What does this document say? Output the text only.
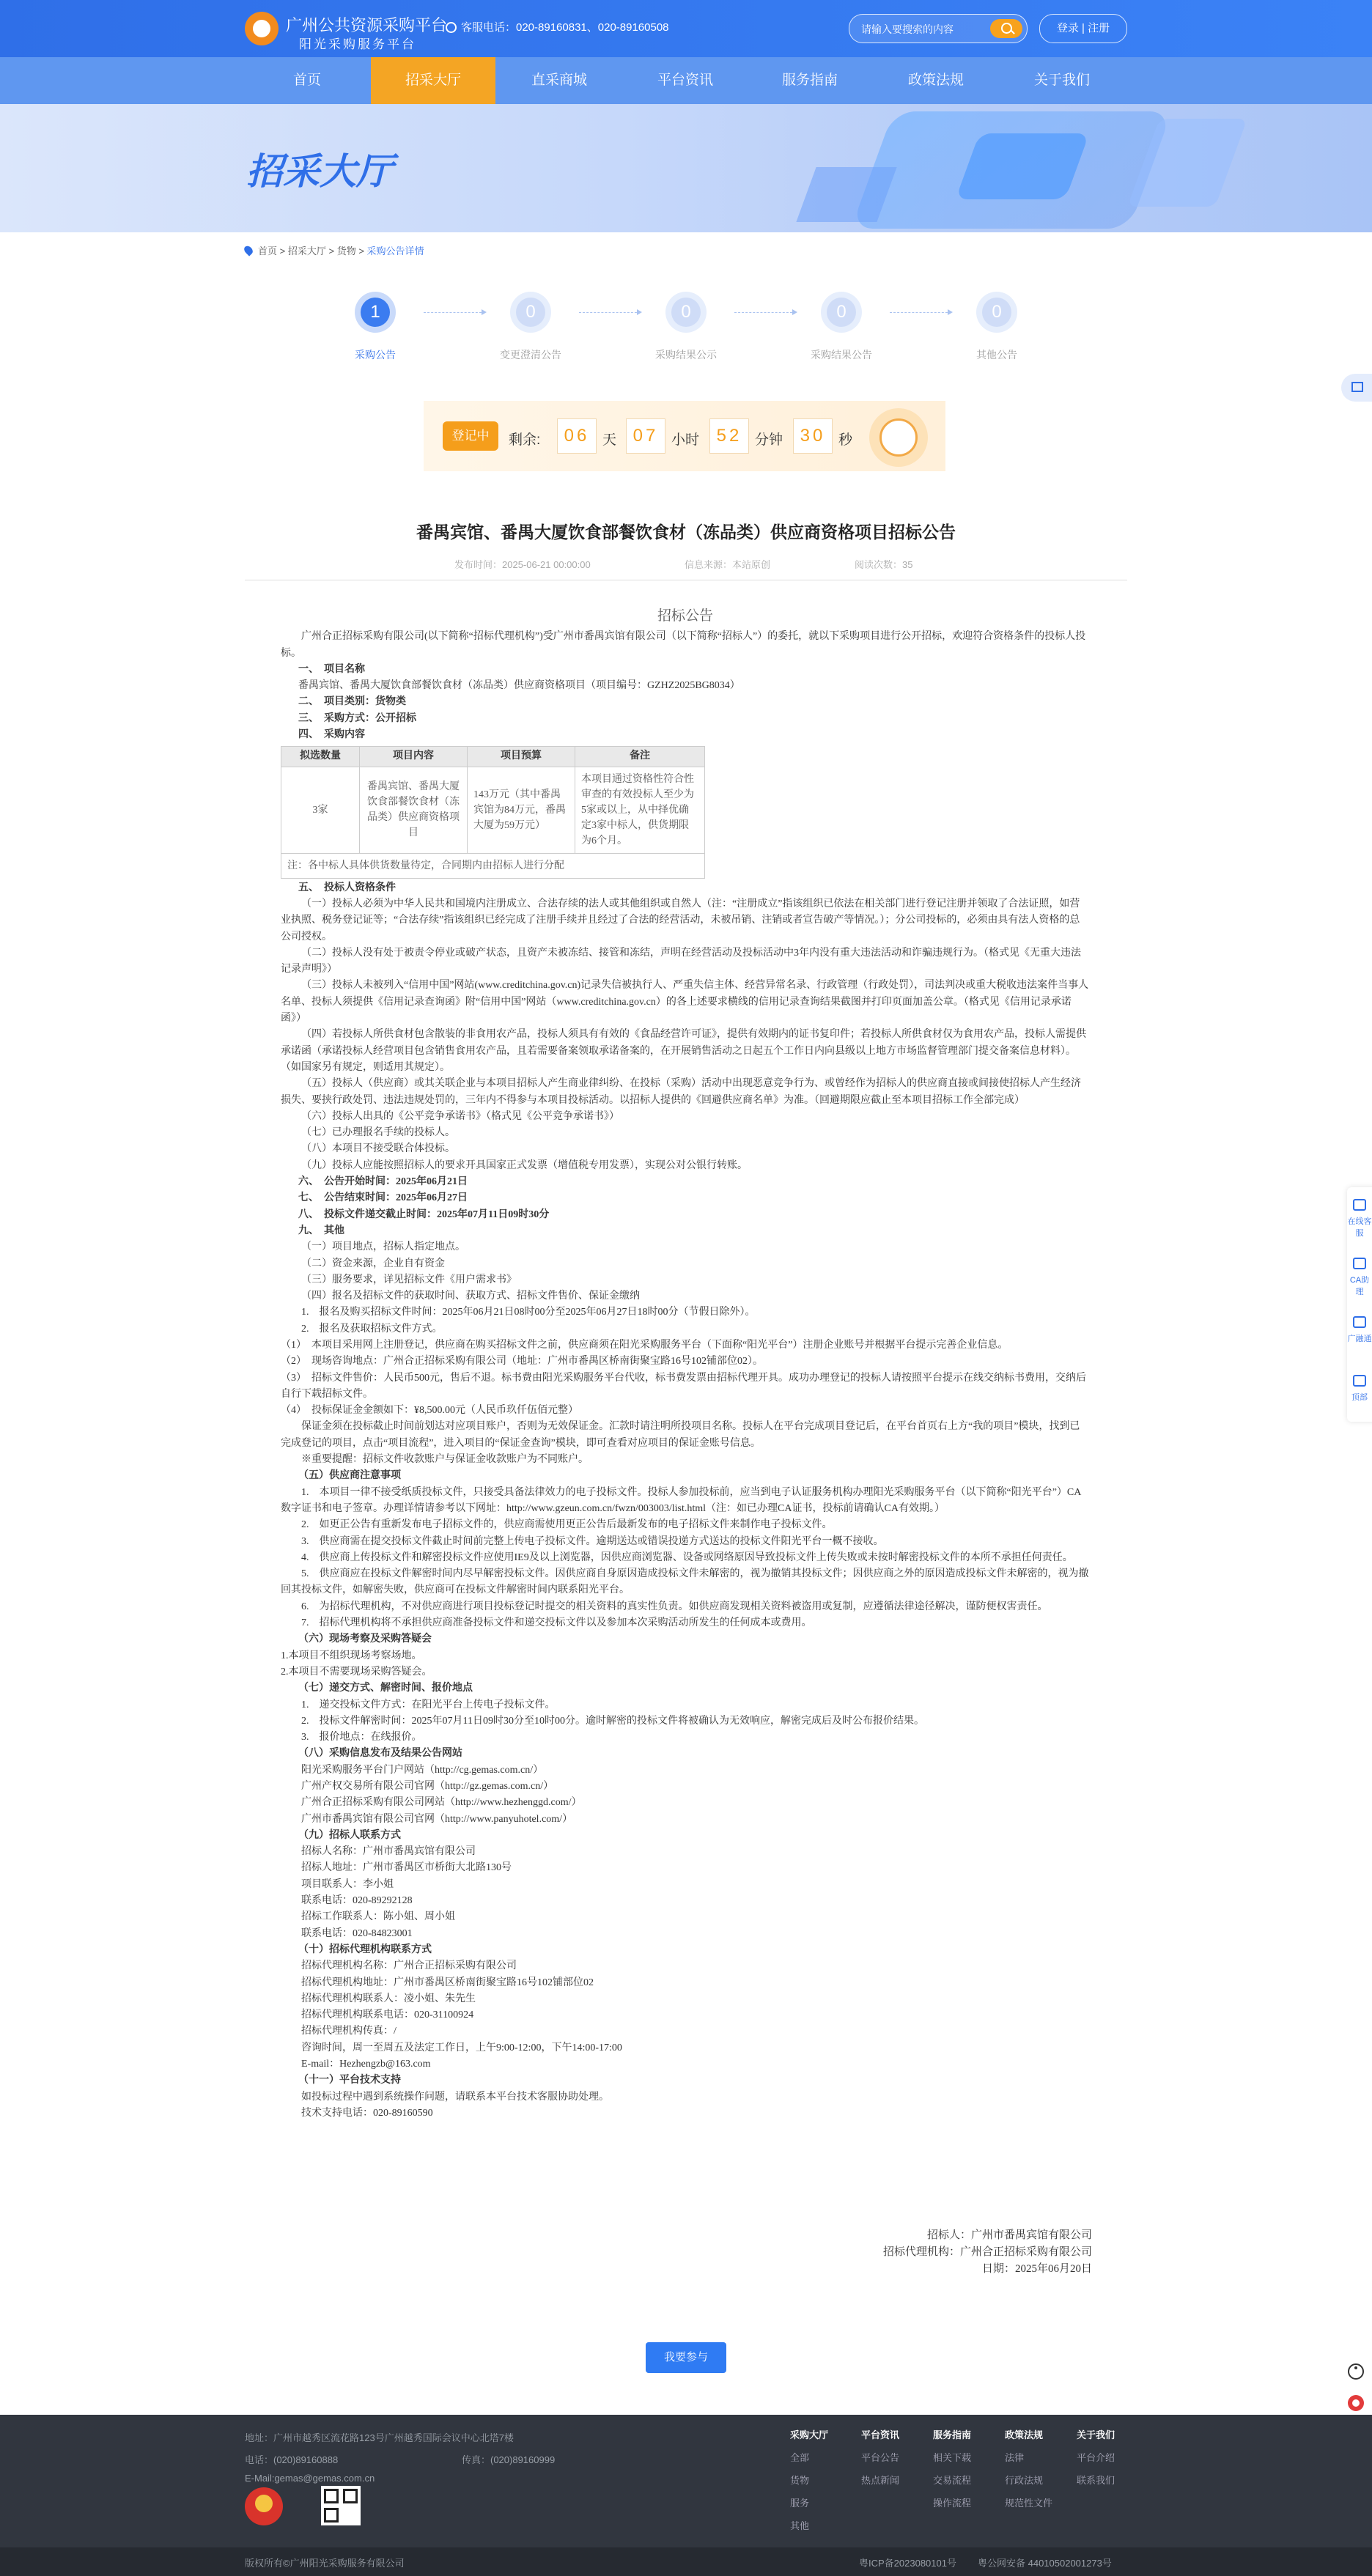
广州公共资源采购平台
阳光采购服务平台
客服电话：020-89160831、020-89160508	请输入要搜索的内容	登录 | 注册
首页	招采大厅	直采商城	平台资讯	服务指南	政策法规	关于我们
招采大厅
首页 > 招采大厅 > 货物 > 采购公告详情
1
采购公告
0
变更澄清公告
0
采购结果公示
0
采购结果公告
0
其他公告
登记中	剩余:	06 天 07 小时 52 分钟 30 秒
番禺宾馆、番禺大厦饮食部餐饮食材（冻品类）供应商资格项目招标公告
发布时间：2025-06-21 00:00:00	信息来源：本站原创	阅读次数：35

招标公告

广州合正招标采购有限公司(以下简称“招标代理机构”)受广州市番禺宾馆有限公司（以下简称“招标人”）的委托，就以下采购项目进行公开招标，欢迎符合资格条件的投标人投标。

一、　项目名称

番禺宾馆、番禺大厦饮食部餐饮食材（冻品类）供应商资格项目（项目编号：GZHZ2025BG8034）

二、　项目类别：货物类

三、　采购方式：公开招标

四、　采购内容

拟选数量	项目内容	项目预算	备注
3家	番禺宾馆、番禺大厦饮食部餐饮食材（冻品类）供应商资格项目	143万元（其中番禺宾馆为84万元，番禺大厦为59万元）	本项目通过资格性符合性审查的有效投标人至少为5家或以上，从中择优确定3家中标人，供货期限为6个月。
注：各中标人具体供货数量待定，合同期内由招标人进行分配			

五、　投标人资格条件

（一）投标人必须为中华人民共和国境内注册成立、合法存续的法人或其他组织或自然人（注：“注册成立”指该组织已依法在相关部门进行登记注册并领取了合法证照，如营业执照、税务登记证等；“合法存续”指该组织已经完成了注册手续并且经过了合法的经营活动，未被吊销、注销或者宣告破产等情况。）；分公司投标的，必须由具有法人资格的总公司授权。

（二）投标人没有处于被责令停业或破产状态，且资产未被冻结、接管和冻结，声明在经营活动及投标活动中3年内没有重大违法活动和诈骗违规行为。（格式见《无重大违法记录声明》）

（三）投标人未被列入“信用中国”网站(www.creditchina.gov.cn)记录失信被执行人、严重失信主体、经营异常名录、行政管理（行政处罚），司法判决或重大税收违法案件当事人名单、投标人须提供《信用记录查询函》附“信用中国”网站（www.creditchina.gov.cn）的各上述要求横线的信用记录查询结果截图并打印页面加盖公章。（格式见《信用记录承诺函》）

（四）若投标人所供食材包含散装的非食用农产品，投标人须具有有效的《食品经营许可证》，提供有效期内的证书复印件；若投标人所供食材仅为食用农产品，投标人需提供承诺函（承诺投标人经营项目包含销售食用农产品，且若需要备案领取承诺备案的，在开展销售活动之日起五个工作日内向县级以上地方市场监督管理部门提交备案信息材料）。（如国家另有规定，则适用其规定）。

（五）投标人（供应商）或其关联企业与本项目招标人产生商业律纠纷、在投标（采购）活动中出现恶意竞争行为、或曾经作为招标人的供应商直接或间接使招标人产生经济损失、要挟行政处罚、违法违规处罚的，三年内不得参与本项目投标活动。以招标人提供的《回避供应商名单》为准。（回避期限应截止至本项目招标工作全部完成）

（六）投标人出具的《公平竞争承诺书》（格式见《公平竞争承诺书》）

（七）已办理报名手续的投标人。

（八）本项目不接受联合体投标。

（九）投标人应能按照招标人的要求开具国家正式发票（增值税专用发票），实现公对公银行转账。

六、　公告开始时间：2025年06月21日

七、　公告结束时间：2025年06月27日

八、　投标文件递交截止时间：2025年07月11日09时30分

九、　其他

（一）项目地点，招标人指定地点。

（二）资金来源，企业自有资金

（三）服务要求，详见招标文件《用户需求书》

（四）报名及招标文件的获取时间、获取方式、招标文件售价、保证金缴纳

1.　报名及购买招标文件时间：2025年06月21日08时00分至2025年06月27日18时00分（节假日除外）。

2.　报名及获取招标文件方式。

（1）　本项目采用网上注册登记，供应商在购买招标文件之前，供应商须在阳光采购服务平台（下面称“阳光平台”）注册企业账号并根据平台提示完善企业信息。

（2）　现场咨询地点：广州合正招标采购有限公司（地址：广州市番禺区桥南街聚宝路16号102铺部位02）。

（3）　招标文件售价：人民币500元，售后不退。标书费由阳光采购服务平台代收，标书费发票由招标代理开具。成功办理登记的投标人请按照平台提示在线交纳标书费用，交纳后自行下载招标文件。

（4）　投标保证金金额如下：¥8,500.00元（人民币玖仟伍佰元整）

保证金须在投标截止时间前划达对应项目账户，否则为无效保证金。汇款时请注明所投项目名称。投标人在平台完成项目登记后，在平台首页右上方“我的项目”模块，找到已完成登记的项目，点击“项目流程”，进入项目的“保证金查询”模块，即可查看对应项目的保证金账号信息。

※重要提醒：招标文件收款账户与保证金收款账户为不同账户。

（五）供应商注意事项

1.　本项目一律不接受纸质投标文件，只接受具备法律效力的电子投标文件。投标人参加投标前，应当到电子认证服务机构办理阳光采购服务平台（以下简称“阳光平台”）CA数字证书和电子签章。办理详情请参考以下网址：http://www.gzeun.com.cn/fwzn/003003/list.html（注：如已办理CA证书，投标前请确认CA有效期。）

2.　如更正公告有重新发布电子招标文件的，供应商需使用更正公告后最新发布的电子招标文件来制作电子投标文件。

3.　供应商需在提交投标文件截止时间前完整上传电子投标文件。逾期送达或错误投递方式送达的投标文件阳光平台一概不接收。

4.　供应商上传投标文件和解密投标文件应使用IE9及以上浏览器，因供应商浏览器、设备或网络原因导致投标文件上传失败或未按时解密投标文件的本所不承担任何责任。

5.　供应商应在投标文件解密时间内尽早解密投标文件。因供应商自身原因造成投标文件未解密的，视为撤销其投标文件；因供应商之外的原因造成投标文件未解密的，视为撤回其投标文件，如解密失败，供应商可在投标文件解密时间内联系阳光平台。

6.　为招标代理机构，不对供应商进行项目投标登记时提交的相关资料的真实性负责。如供应商发现相关资料被盗用或复制，应遵循法律途径解决，谨防便权害责任。

7.　招标代理机构将不承担供应商准备投标文件和递交投标文件以及参加本次采购活动所发生的任何成本或费用。

（六）现场考察及采购答疑会

1.本项目不组织现场考察场地。

2.本项目不需要现场采购答疑会。

（七）递交方式、解密时间、报价地点

1.　递交投标文件方式：在阳光平台上传电子投标文件。

2.　投标文件解密时间：2025年07月11日09时30分至10时00分。逾时解密的投标文件将被确认为无效响应，解密完成后及时公布报价结果。

3.　报价地点：在线报价。

（八）采购信息发布及结果公告网站

阳光采购服务平台门户网站（http://cg.gemas.com.cn/）

广州产权交易所有限公司官网（http://gz.gemas.com.cn/）

广州合正招标采购有限公司网站（http://www.hezhenggd.com/）

广州市番禺宾馆有限公司官网（http://www.panyuhotel.com/）

（九）招标人联系方式

招标人名称：广州市番禺宾馆有限公司

招标人地址：广州市番禺区市桥街大北路130号

项目联系人：李小姐

联系电话：020-89292128

招标工作联系人：陈小姐、周小姐

联系电话：020-84823001

（十）招标代理机构联系方式

招标代理机构名称：广州合正招标采购有限公司

招标代理机构地址：广州市番禺区桥南街聚宝路16号102铺部位02

招标代理机构联系人：凌小姐、朱先生

招标代理机构联系电话：020-31100924

招标代理机构传真：/

咨询时间，周一至周五及法定工作日，上午9:00-12:00，下午14:00-17:00

E-mail：Hezhengzb@163.com

（十一）平台技术支持

如投标过程中遇到系统操作问题，请联系本平台技术客服协助处理。

技术支持电话：020-89160590

招标人：广州市番禺宾馆有限公司
招标代理机构：广州合正招标采购有限公司
日期：2025年06月20日
我要参与
在线客服
CA助理
广融通
顶部
地址：广州市越秀区流花路123号广州越秀国际会议中心北塔7楼
电话：(020)89160888	传真：(020)89160999
E-Mail:gemas@gemas.com.cn
采购大厅
全部
货物
服务
其他
平台资讯
平台公告
热点新闻
服务指南
相关下载
交易流程
操作流程
政策法规
法律
行政法规
规范性文件
关于我们
平台介绍
联系我们
版权所有©广州阳光采购服务有限公司	粤ICP备2023080101号 粤公网安备 44010502001273号
